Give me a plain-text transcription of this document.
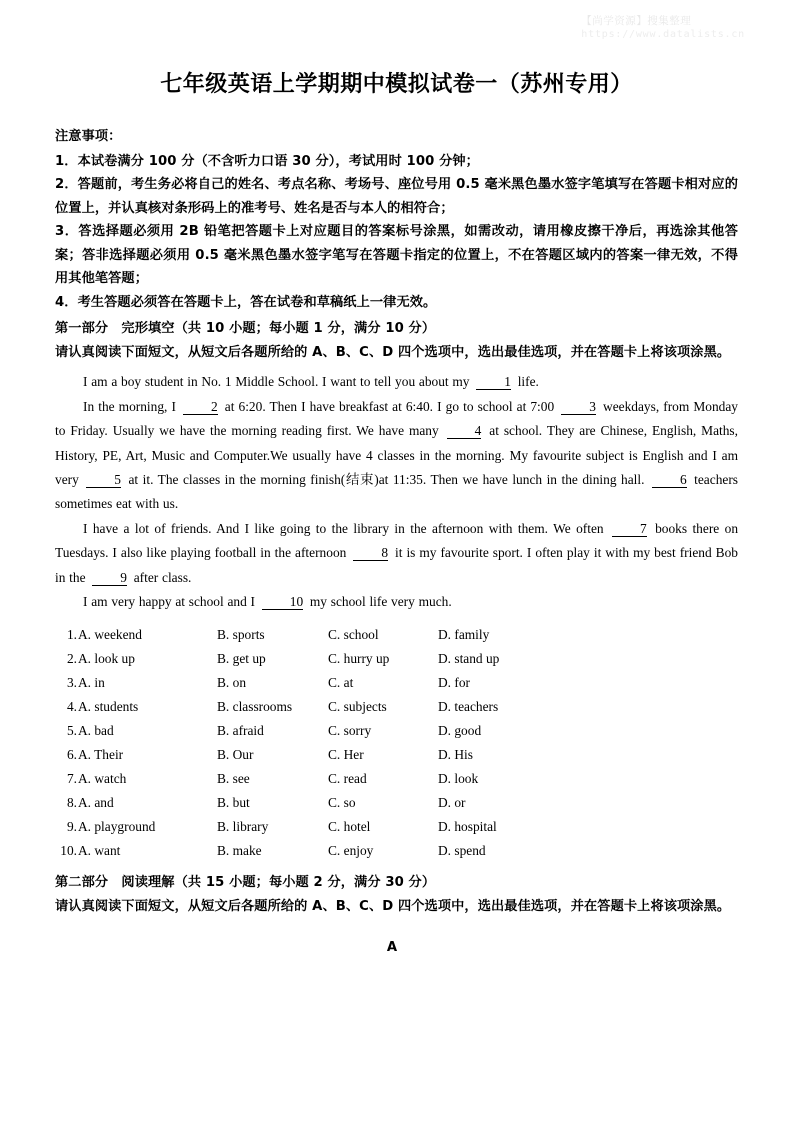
【尚学资源】搜集整理
https://www.datalists.cn
七年级英语上学期期中模拟试卷一（苏州专用）

注意事项：

1．本试卷满分 100 分（不含听力口语 30 分），考试用时 100 分钟；

2．答题前，考生务必将自己的姓名、考点名称、考场号、座位号用 0.5 毫米黑色墨水签字笔填写在答题卡相对应的位置上，并认真核对条形码上的准考号、姓名是否与本人的相符合；

3．答选择题必须用 2B 铅笔把答题卡上对应题目的答案标号涂黑，如需改动，请用橡皮擦干净后，再选涂其他答案；答非选择题必须用 0.5 毫米黑色墨水签字笔写在答题卡指定的位置上，不在答题区域内的答案一律无效，不得用其他笔答题；

4．考生答题必须答在答题卡上，答在试卷和草稿纸上一律无效。

第一部分　完形填空（共 10 小题；每小题 1 分，满分 10 分）

请认真阅读下面短文，从短文后各题所给的 A、B、C、D 四个选项中，选出最佳选项，并在答题卡上将该项涂黑。

I am a boy student in No. 1 Middle School. I want to tell you about my 1 life.

In the morning, I 2 at 6:20. Then I have breakfast at 6:40. I go to school at 7:00 3 weekdays, from Monday to Friday. Usually we have the morning reading first. We have many 4 at school. They are Chinese, English, Maths, History, PE, Art, Music and Computer.We usually have 4 classes in the morning. My favourite subject is English and I am very 5 at it. The classes in the morning finish(结束)at 11:35. Then we have lunch in the dining hall. 6 teachers sometimes eat with us.

I have a lot of friends. And I like going to the library in the afternoon with them. We often 7 books there on Tuesdays. I also like playing football in the afternoon 8 it is my favourite sport. I often play it with my best friend Bob in the 9 after class.

I am very happy at school and I 10 my school life very much.

1. A. weekend	B. sports	C. school	D. family
2. A. look up	B. get up	C. hurry up	D. stand up
3. A. in	B. on	C. at	D. for
4. A. students	B. classrooms	C. subjects	D. teachers
5. A. bad	B. afraid	C. sorry	D. good
6. A. Their	B. Our	C. Her	D. His
7. A. watch	B. see	C. read	D. look
8. A. and	B. but	C. so	D. or
9. A. playground	B. library	C. hotel	D. hospital
10. A. want	B. make	C. enjoy	D. spend

第二部分　阅读理解（共 15 小题；每小题 2 分，满分 30 分）

请认真阅读下面短文，从短文后各题所给的 A、B、C、D 四个选项中，选出最佳选项，并在答题卡上将该项涂黑。

A
